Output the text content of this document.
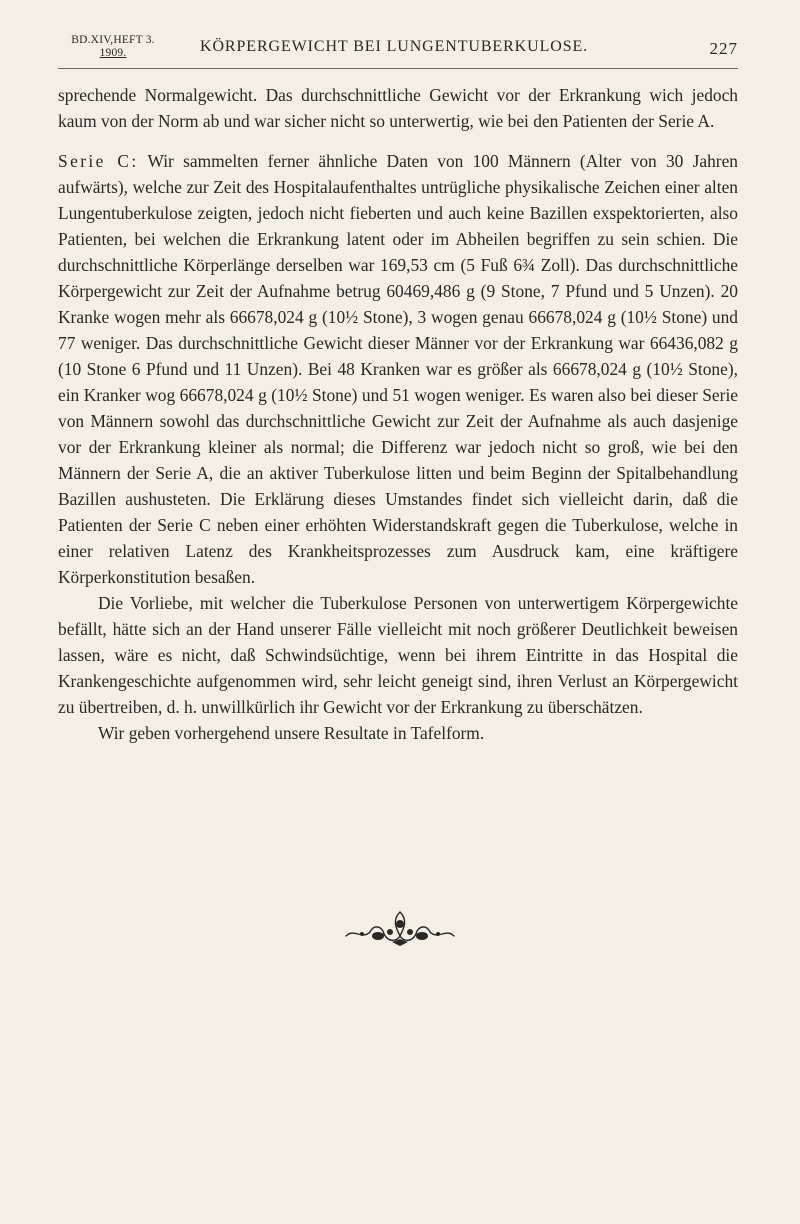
BD.XIV,HEFT 3.
1909.	KÖRPERGEWICHT BEI LUNGENTUBERKULOSE.	227

sprechende Normalgewicht. Das durchschnittliche Gewicht vor der Erkrankung wich jedoch kaum von der Norm ab und war sicher nicht so unterwertig, wie bei den Patienten der Serie A.

Serie C: Wir sammelten ferner ähnliche Daten von 100 Männern (Alter von 30 Jahren aufwärts), welche zur Zeit des Hospitalaufenthaltes untrügliche physikalische Zeichen einer alten Lungentuberkulose zeigten, jedoch nicht fieberten und auch keine Bazillen exspektorierten, also Patienten, bei welchen die Erkrankung latent oder im Abheilen begriffen zu sein schien. Die durchschnittliche Körperlänge derselben war 169,53 cm (5 Fuß 6¾ Zoll). Das durchschnittliche Körpergewicht zur Zeit der Aufnahme betrug 60469,486 g (9 Stone, 7 Pfund und 5 Unzen). 20 Kranke wogen mehr als 66678,024 g (10½ Stone), 3 wogen genau 66678,024 g (10½ Stone) und 77 weniger. Das durchschnittliche Gewicht dieser Männer vor der Erkrankung war 66436,082 g (10 Stone 6 Pfund und 11 Unzen). Bei 48 Kranken war es größer als 66678,024 g (10½ Stone), ein Kranker wog 66678,024 g (10½ Stone) und 51 wogen weniger. Es waren also bei dieser Serie von Männern sowohl das durchschnittliche Gewicht zur Zeit der Aufnahme als auch dasjenige vor der Erkrankung kleiner als normal; die Differenz war jedoch nicht so groß, wie bei den Männern der Serie A, die an aktiver Tuberkulose litten und beim Beginn der Spitalbehandlung Bazillen aushusteten. Die Erklärung dieses Umstandes findet sich vielleicht darin, daß die Patienten der Serie C neben einer erhöhten Widerstandskraft gegen die Tuberkulose, welche in einer relativen Latenz des Krankheitsprozesses zum Ausdruck kam, eine kräftigere Körperkonstitution besaßen.

Die Vorliebe, mit welcher die Tuberkulose Personen von unterwertigem Körpergewichte befällt, hätte sich an der Hand unserer Fälle vielleicht mit noch größerer Deutlichkeit beweisen lassen, wäre es nicht, daß Schwindsüchtige, wenn bei ihrem Eintritte in das Hospital die Krankengeschichte aufgenommen wird, sehr leicht geneigt sind, ihren Verlust an Körpergewicht zu übertreiben, d. h. unwillkürlich ihr Gewicht vor der Erkrankung zu überschätzen.

Wir geben vorhergehend unsere Resultate in Tafelform.
